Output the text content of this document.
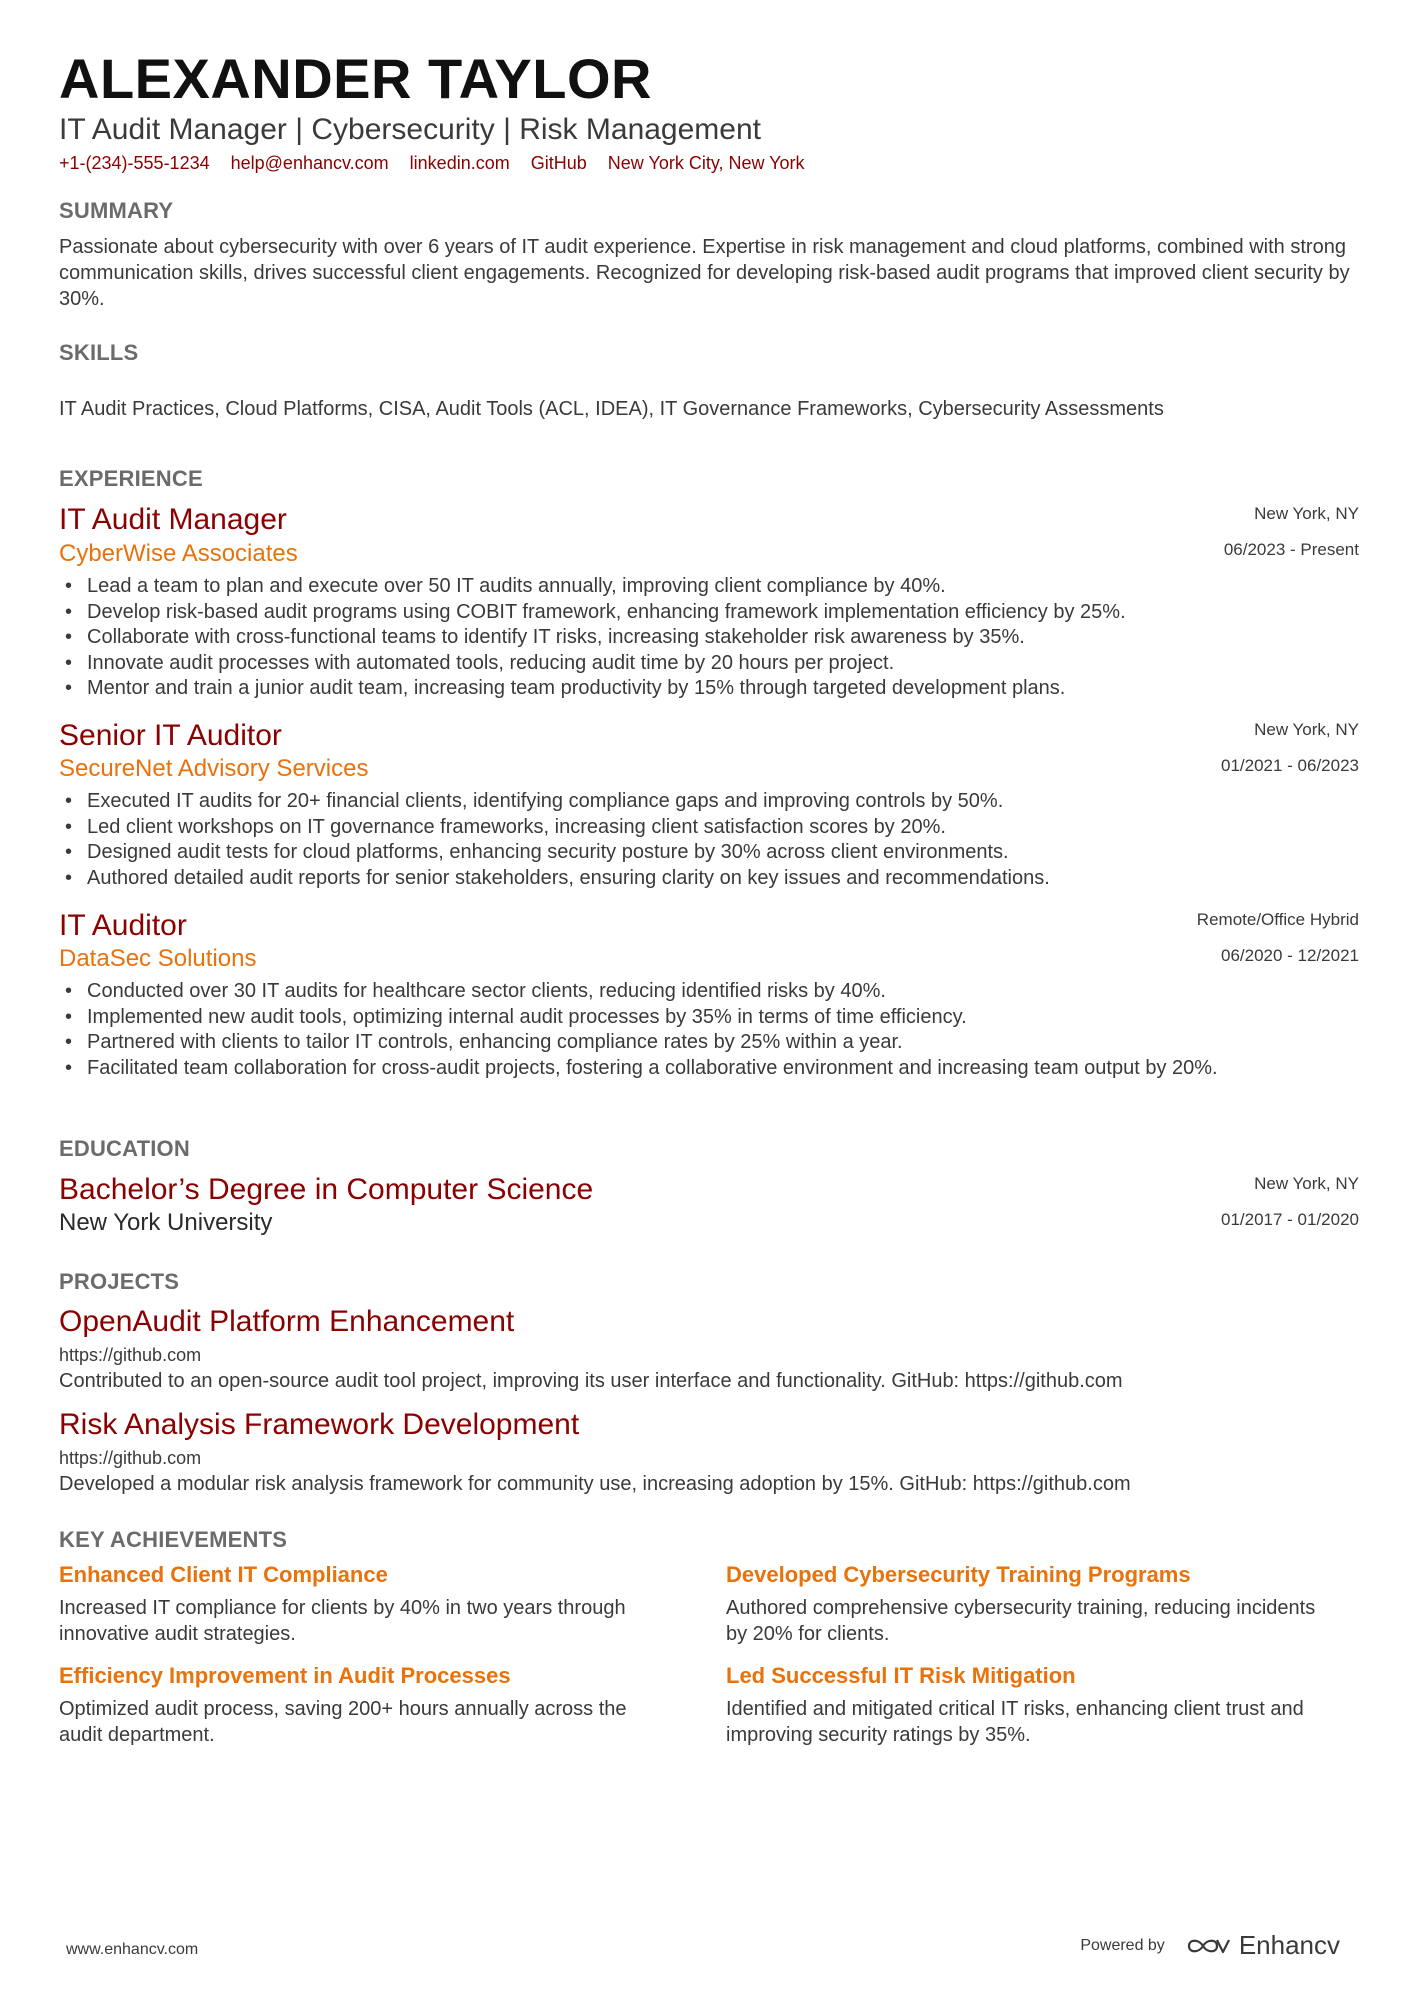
ALEXANDER TAYLOR
IT Audit Manager | Cybersecurity | Risk Management
+1-(234)-555-1234 help@enhancv.com linkedin.com GitHub New York City, New York
SUMMARY
Passionate about cybersecurity with over 6 years of IT audit experience. Expertise in risk management and cloud platforms, combined with strong communication skills, drives successful client engagements. Recognized for developing risk-based audit programs that improved client security by 30%.
SKILLS
IT Audit Practices, Cloud Platforms, CISA, Audit Tools (ACL, IDEA), IT Governance Frameworks, Cybersecurity Assessments
EXPERIENCE
IT Audit Manager	New York, NY
CyberWise Associates	06/2023 - Present
• Lead a team to plan and execute over 50 IT audits annually, improving client compliance by 40%.
• Develop risk-based audit programs using COBIT framework, enhancing framework implementation efficiency by 25%.
• Collaborate with cross-functional teams to identify IT risks, increasing stakeholder risk awareness by 35%.
• Innovate audit processes with automated tools, reducing audit time by 20 hours per project.
• Mentor and train a junior audit team, increasing team productivity by 15% through targeted development plans.
Senior IT Auditor	New York, NY
SecureNet Advisory Services	01/2021 - 06/2023
• Executed IT audits for 20+ financial clients, identifying compliance gaps and improving controls by 50%.
• Led client workshops on IT governance frameworks, increasing client satisfaction scores by 20%.
• Designed audit tests for cloud platforms, enhancing security posture by 30% across client environments.
• Authored detailed audit reports for senior stakeholders, ensuring clarity on key issues and recommendations.
IT Auditor	Remote/Office Hybrid
DataSec Solutions	06/2020 - 12/2021
• Conducted over 30 IT audits for healthcare sector clients, reducing identified risks by 40%.
• Implemented new audit tools, optimizing internal audit processes by 35% in terms of time efficiency.
• Partnered with clients to tailor IT controls, enhancing compliance rates by 25% within a year.
• Facilitated team collaboration for cross-audit projects, fostering a collaborative environment and increasing team output by 20%.
EDUCATION
Bachelor’s Degree in Computer Science	New York, NY
New York University	01/2017 - 01/2020
PROJECTS
OpenAudit Platform Enhancement
https://github.com
Contributed to an open-source audit tool project, improving its user interface and functionality. GitHub: https://github.com
Risk Analysis Framework Development
https://github.com
Developed a modular risk analysis framework for community use, increasing adoption by 15%. GitHub: https://github.com
KEY ACHIEVEMENTS
Enhanced Client IT Compliance
Increased IT compliance for clients by 40% in two years through innovative audit strategies.
Developed Cybersecurity Training Programs
Authored comprehensive cybersecurity training, reducing incidents by 20% for clients.
Efficiency Improvement in Audit Processes
Optimized audit process, saving 200+ hours annually across the audit department.
Led Successful IT Risk Mitigation
Identified and mitigated critical IT risks, enhancing client trust and improving security ratings by 35%.
www.enhancv.com	Powered by	Enhancv
